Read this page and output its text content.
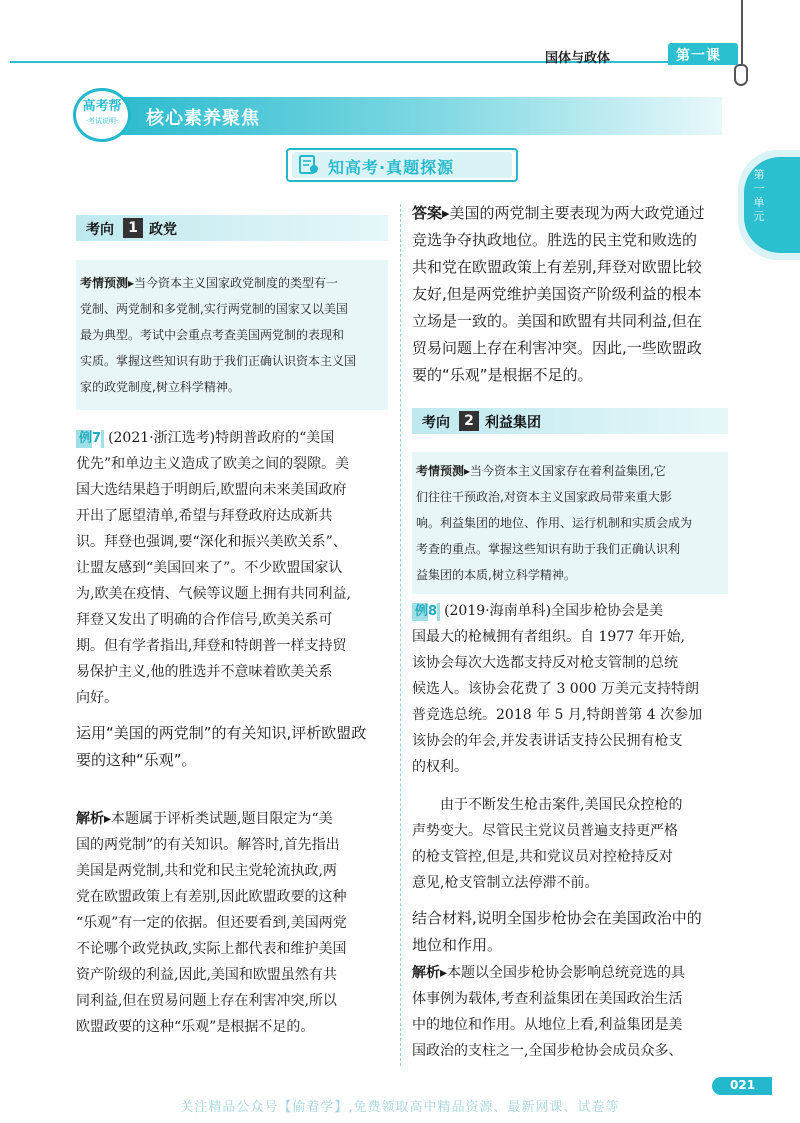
国体与政体	第一课
第一单元
高考帮
·考试说明·	核心素养聚焦
知高考·真题探源
考向	1 政党
考情预测▸当今资本主义国家政党制度的类型有一
党制、两党制和多党制,实行两党制的国家又以美国
最为典型。考试中会重点考查美国两党制的表现和
实质。掌握这些知识有助于我们正确认识资本主义国
家的政党制度,树立科学精神。
例7 (2021·浙江选考)特朗普政府的“美国
优先”和单边主义造成了欧美之间的裂隙。美
国大选结果趋于明朗后,欧盟向未来美国政府
开出了愿望清单,希望与拜登政府达成新共
识。拜登也强调,要“深化和振兴美欧关系”、
让盟友感到“美国回来了”。不少欧盟国家认
为,欧美在疫情、气候等议题上拥有共同利益,
拜登又发出了明确的合作信号,欧美关系可
期。但有学者指出,拜登和特朗普一样支持贸
易保护主义,他的胜选并不意味着欧美关系
向好。
运用“美国的两党制”的有关知识,评析欧盟政
要的这种“乐观”。
解析▸本题属于评析类试题,题目限定为“美
国的两党制”的有关知识。解答时,首先指出
美国是两党制,共和党和民主党轮流执政,两
党在欧盟政策上有差别,因此欧盟政要的这种
“乐观”有一定的依据。但还要看到,美国两党
不论哪个政党执政,实际上都代表和维护美国
资产阶级的利益,因此,美国和欧盟虽然有共
同利益,但在贸易问题上存在利害冲突,所以
欧盟政要的这种“乐观”是根据不足的。
答案▸美国的两党制主要表现为两大政党通过
竞选争夺执政地位。胜选的民主党和败选的
共和党在欧盟政策上有差别,拜登对欧盟比较
友好,但是两党维护美国资产阶级利益的根本
立场是一致的。美国和欧盟有共同利益,但在
贸易问题上存在利害冲突。因此,一些欧盟政
要的“乐观”是根据不足的。
考向	2 利益集团
考情预测▸当今资本主义国家存在着利益集团,它
们往往干预政治,对资本主义国家政局带来重大影
响。利益集团的地位、作用、运行机制和实质会成为
考查的重点。掌握这些知识有助于我们正确认识利
益集团的本质,树立科学精神。
例8 (2019·海南单科)全国步枪协会是美
国最大的枪械拥有者组织。自 1977 年开始,
该协会每次大选都支持反对枪支管制的总统
候选人。该协会花费了 3 000 万美元支持特朗
普竞选总统。2018 年 5 月,特朗普第 4 次参加
该协会的年会,并发表讲话支持公民拥有枪支
的权利。
由于不断发生枪击案件,美国民众控枪的
声势变大。尽管民主党议员普遍支持更严格
的枪支管控,但是,共和党议员对控枪持反对
意见,枪支管制立法停滞不前。
结合材料,说明全国步枪协会在美国政治中的
地位和作用。
解析▸本题以全国步枪协会影响总统竞选的具
体事例为载体,考查利益集团在美国政治生活
中的地位和作用。从地位上看,利益集团是美
国政治的支柱之一,全国步枪协会成员众多、
021
关注精品公众号【偷着学】,免费领取高中精品资源、最新网课、试卷等
